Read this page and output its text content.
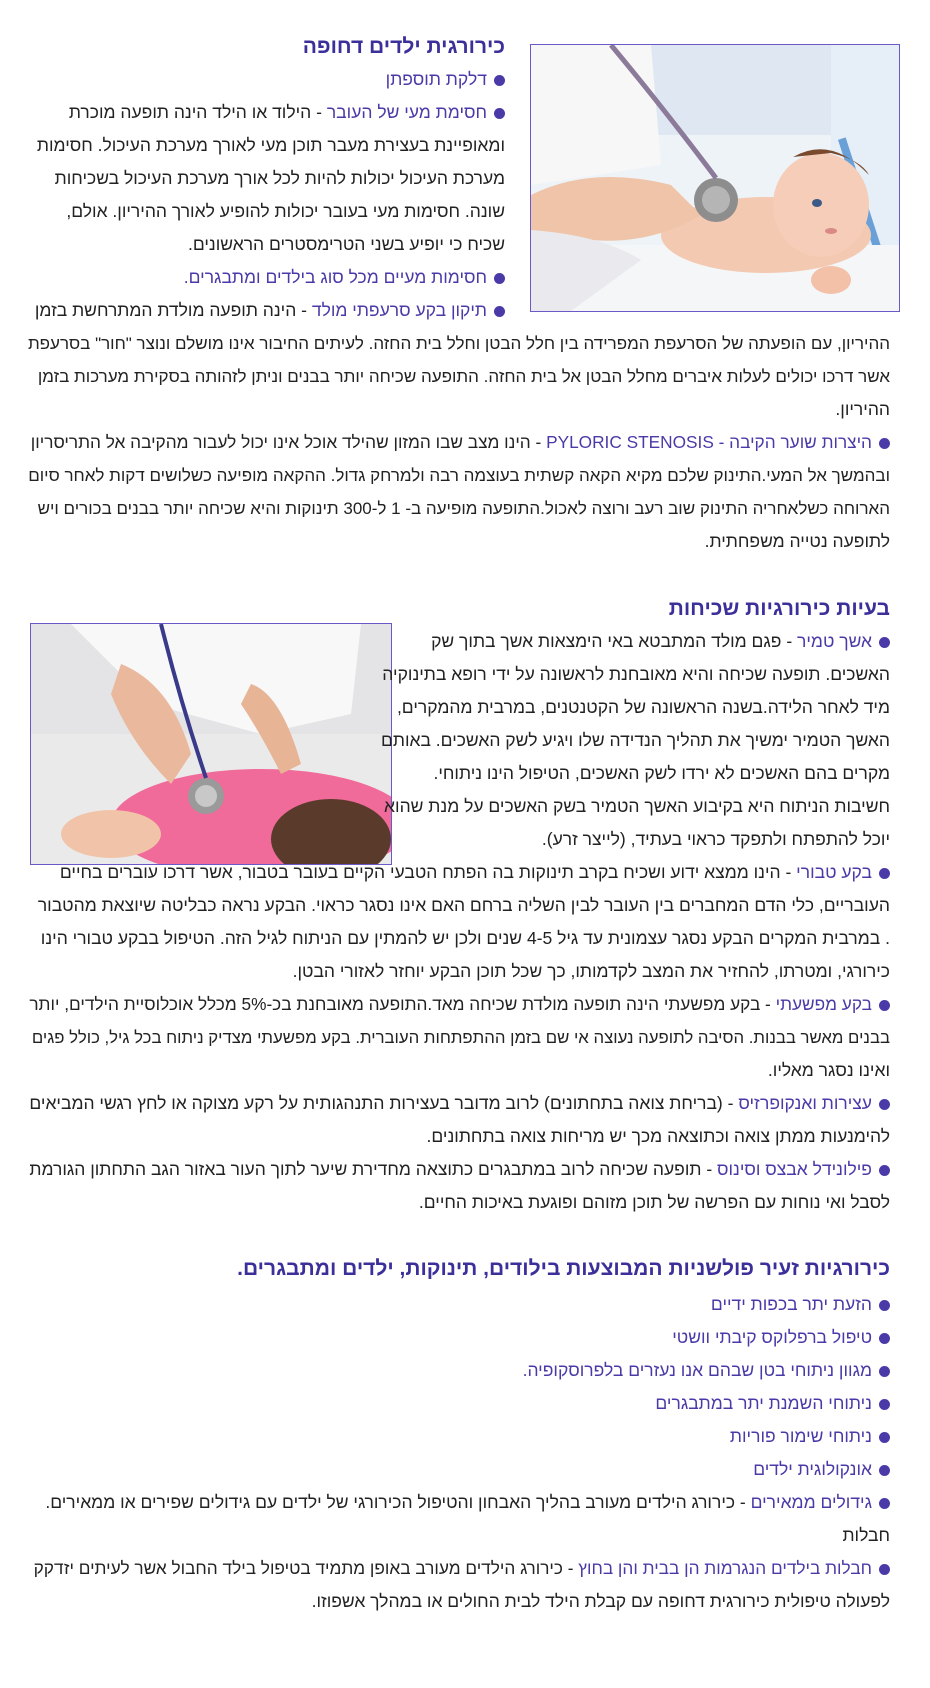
כירורגית ילדים דחופה
דלקת תוספתן
חסימת מעי של העובר - הילוד או הילד הינה תופעה מוכרת
ומאופיינת בעצירת מעבר תוכן מעי לאורך מערכת העיכול. חסימות
מערכת העיכול יכולות להיות לכל אורך מערכת העיכול בשכיחות
שונה. חסימות מעי בעובר יכולות להופיע לאורך ההיריון. אולם,
שכיח כי יופיע בשני הטרימסטרים הראשונים.
חסימות מעיים מכל סוג בילדים ומתבגרים.
תיקון בקע סרעפתי מולד - הינה תופעה מולדת המתרחשת בזמן
ההיריון, עם הופעתה של הסרעפת המפרידה בין חלל הבטן וחלל בית החזה. לעיתים החיבור אינו מושלם ונוצר "חור" בסרעפת
אשר דרכו יכולים לעלות איברים מחלל הבטן אל בית החזה. התופעה שכיחה יותר בבנים וניתן לזהותה בסקירת מערכות בזמן
ההיריון.
היצרות שוער הקיבה - PYLORIC STENOSIS - הינו מצב שבו המזון שהילד אוכל אינו יכול לעבור מהקיבה אל התריסריון
ובהמשך אל המעי.התינוק שלכם מקיא הקאה קשתית בעוצמה רבה ולמרחק גדול. ההקאה מופיעה כשלושים דקות לאחר סיום
הארוחה כשלאחריה התינוק שוב רעב ורוצה לאכול.התופעה מופיעה ב- 1 ל-300 תינוקות והיא שכיחה יותר בבנים בכורים ויש
לתופעה נטייה משפחתית.
בעיות כירורגיות שכיחות
אשך טמיר - פגם מולד המתבטא באי הימצאות אשך בתוך שק
האשכים. תופעה שכיחה והיא מאובחנת לראשונה על ידי רופא בתינוקיה
מיד לאחר הלידה.בשנה הראשונה של הקטנטנים, במרבית מהמקרים,
האשך הטמיר ימשיך את תהליך הנדידה שלו ויגיע לשק האשכים. באותם
מקרים בהם האשכים לא ירדו לשק האשכים, הטיפול הינו ניתוחי.
חשיבות הניתוח היא בקיבוע האשך הטמיר בשק האשכים על מנת שהוא
יוכל להתפתח ולתפקד כראוי בעתיד, (לייצר זרע).
בקע טבורי - הינו ממצא ידוע ושכיח בקרב תינוקות בה הפתח הטבעי הקיים בעובר בטבור, אשר דרכו עוברים בחיים
העובריים, כלי הדם המחברים בין העובר לבין השליה ברחם האם אינו נסגר כראוי. הבקע נראה כבליטה שיוצאת מהטבור
. במרבית המקרים הבקע נסגר עצמונית עד גיל 4-5 שנים ולכן יש להמתין עם הניתוח לגיל הזה. הטיפול בבקע טבורי הינו
כירורגי, ומטרתו, להחזיר את המצב לקדמותו, כך שכל תוכן הבקע יוחזר לאזורי הבטן.
בקע מפשעתי - בקע מפשעתי הינה תופעה מולדת שכיחה מאד.התופעה מאובחנת בכ-5% מכלל אוכלוסיית הילדים, יותר
בבנים מאשר בבנות. הסיבה לתופעה נעוצה אי שם בזמן ההתפתחות העוברית. בקע מפשעתי מצדיק ניתוח בכל גיל, כולל פגים
ואינו נסגר מאליו.
עצירות ואנקופרזיס - (בריחת צואה בתחתונים) לרוב מדובר בעצירות התנהגותית על רקע מצוקה או לחץ רגשי המביאים
להימנעות ממתן צואה וכתוצאה מכך יש מריחות צואה בתחתונים.
פילונידל אבצס וסינוס - תופעה שכיחה לרוב במתבגרים כתוצאה מחדירת שיער לתוך העור באזור הגב התחתון הגורמת
לסבל ואי נוחות עם הפרשה של תוכן מזוהם ופוגעת באיכות החיים.
כירורגיות זעיר פולשניות המבוצעות בילודים, תינוקות, ילדים ומתבגרים.
הזעת יתר בכפות ידיים
טיפול ברפלוקס קיבתי וושטי
מגוון ניתוחי בטן שבהם אנו נעזרים בלפרוסקופיה.
ניתוחי השמנת יתר במתבגרים
ניתוחי שימור פוריות
אונקולוגית ילדים
גידולים ממאירים - כירורג הילדים מעורב בהליך האבחון והטיפול הכירורגי של ילדים עם גידולים שפירים או ממאירים.
חבלות
חבלות בילדים הנגרמות הן בבית והן בחוץ - כירורג הילדים מעורב באופן מתמיד בטיפול בילד החבול אשר לעיתים יזדקק
לפעולה טיפולית כירורגית דחופה עם קבלת הילד לבית החולים או במהלך אשפוזו.
